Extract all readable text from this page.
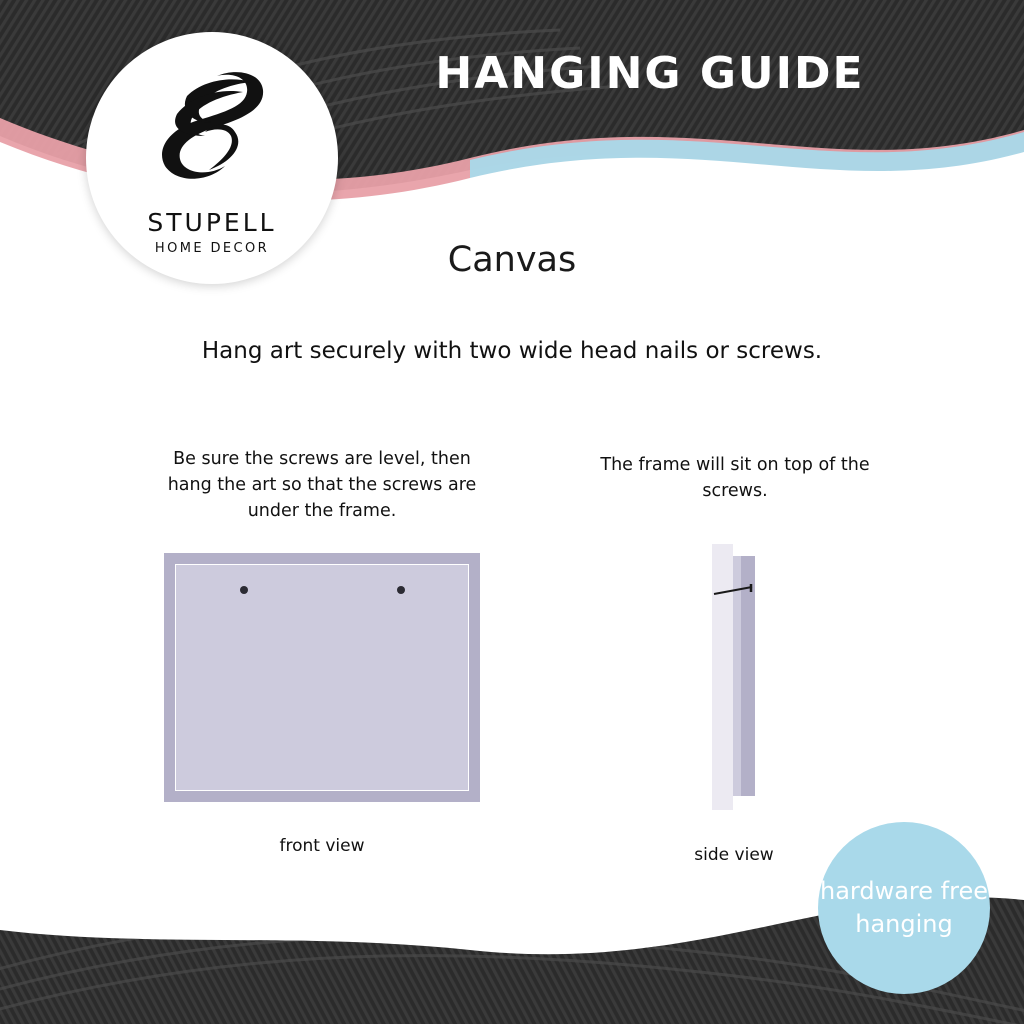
HANGING GUIDE
STUPELL
HOME DECOR	Canvas
Hang art securely with two wide head nails or screws.
Be sure the screws are level, then hang the art so that the screws are under the frame.
The frame will sit on top of the screws.
front view	side view
hardware free hanging
